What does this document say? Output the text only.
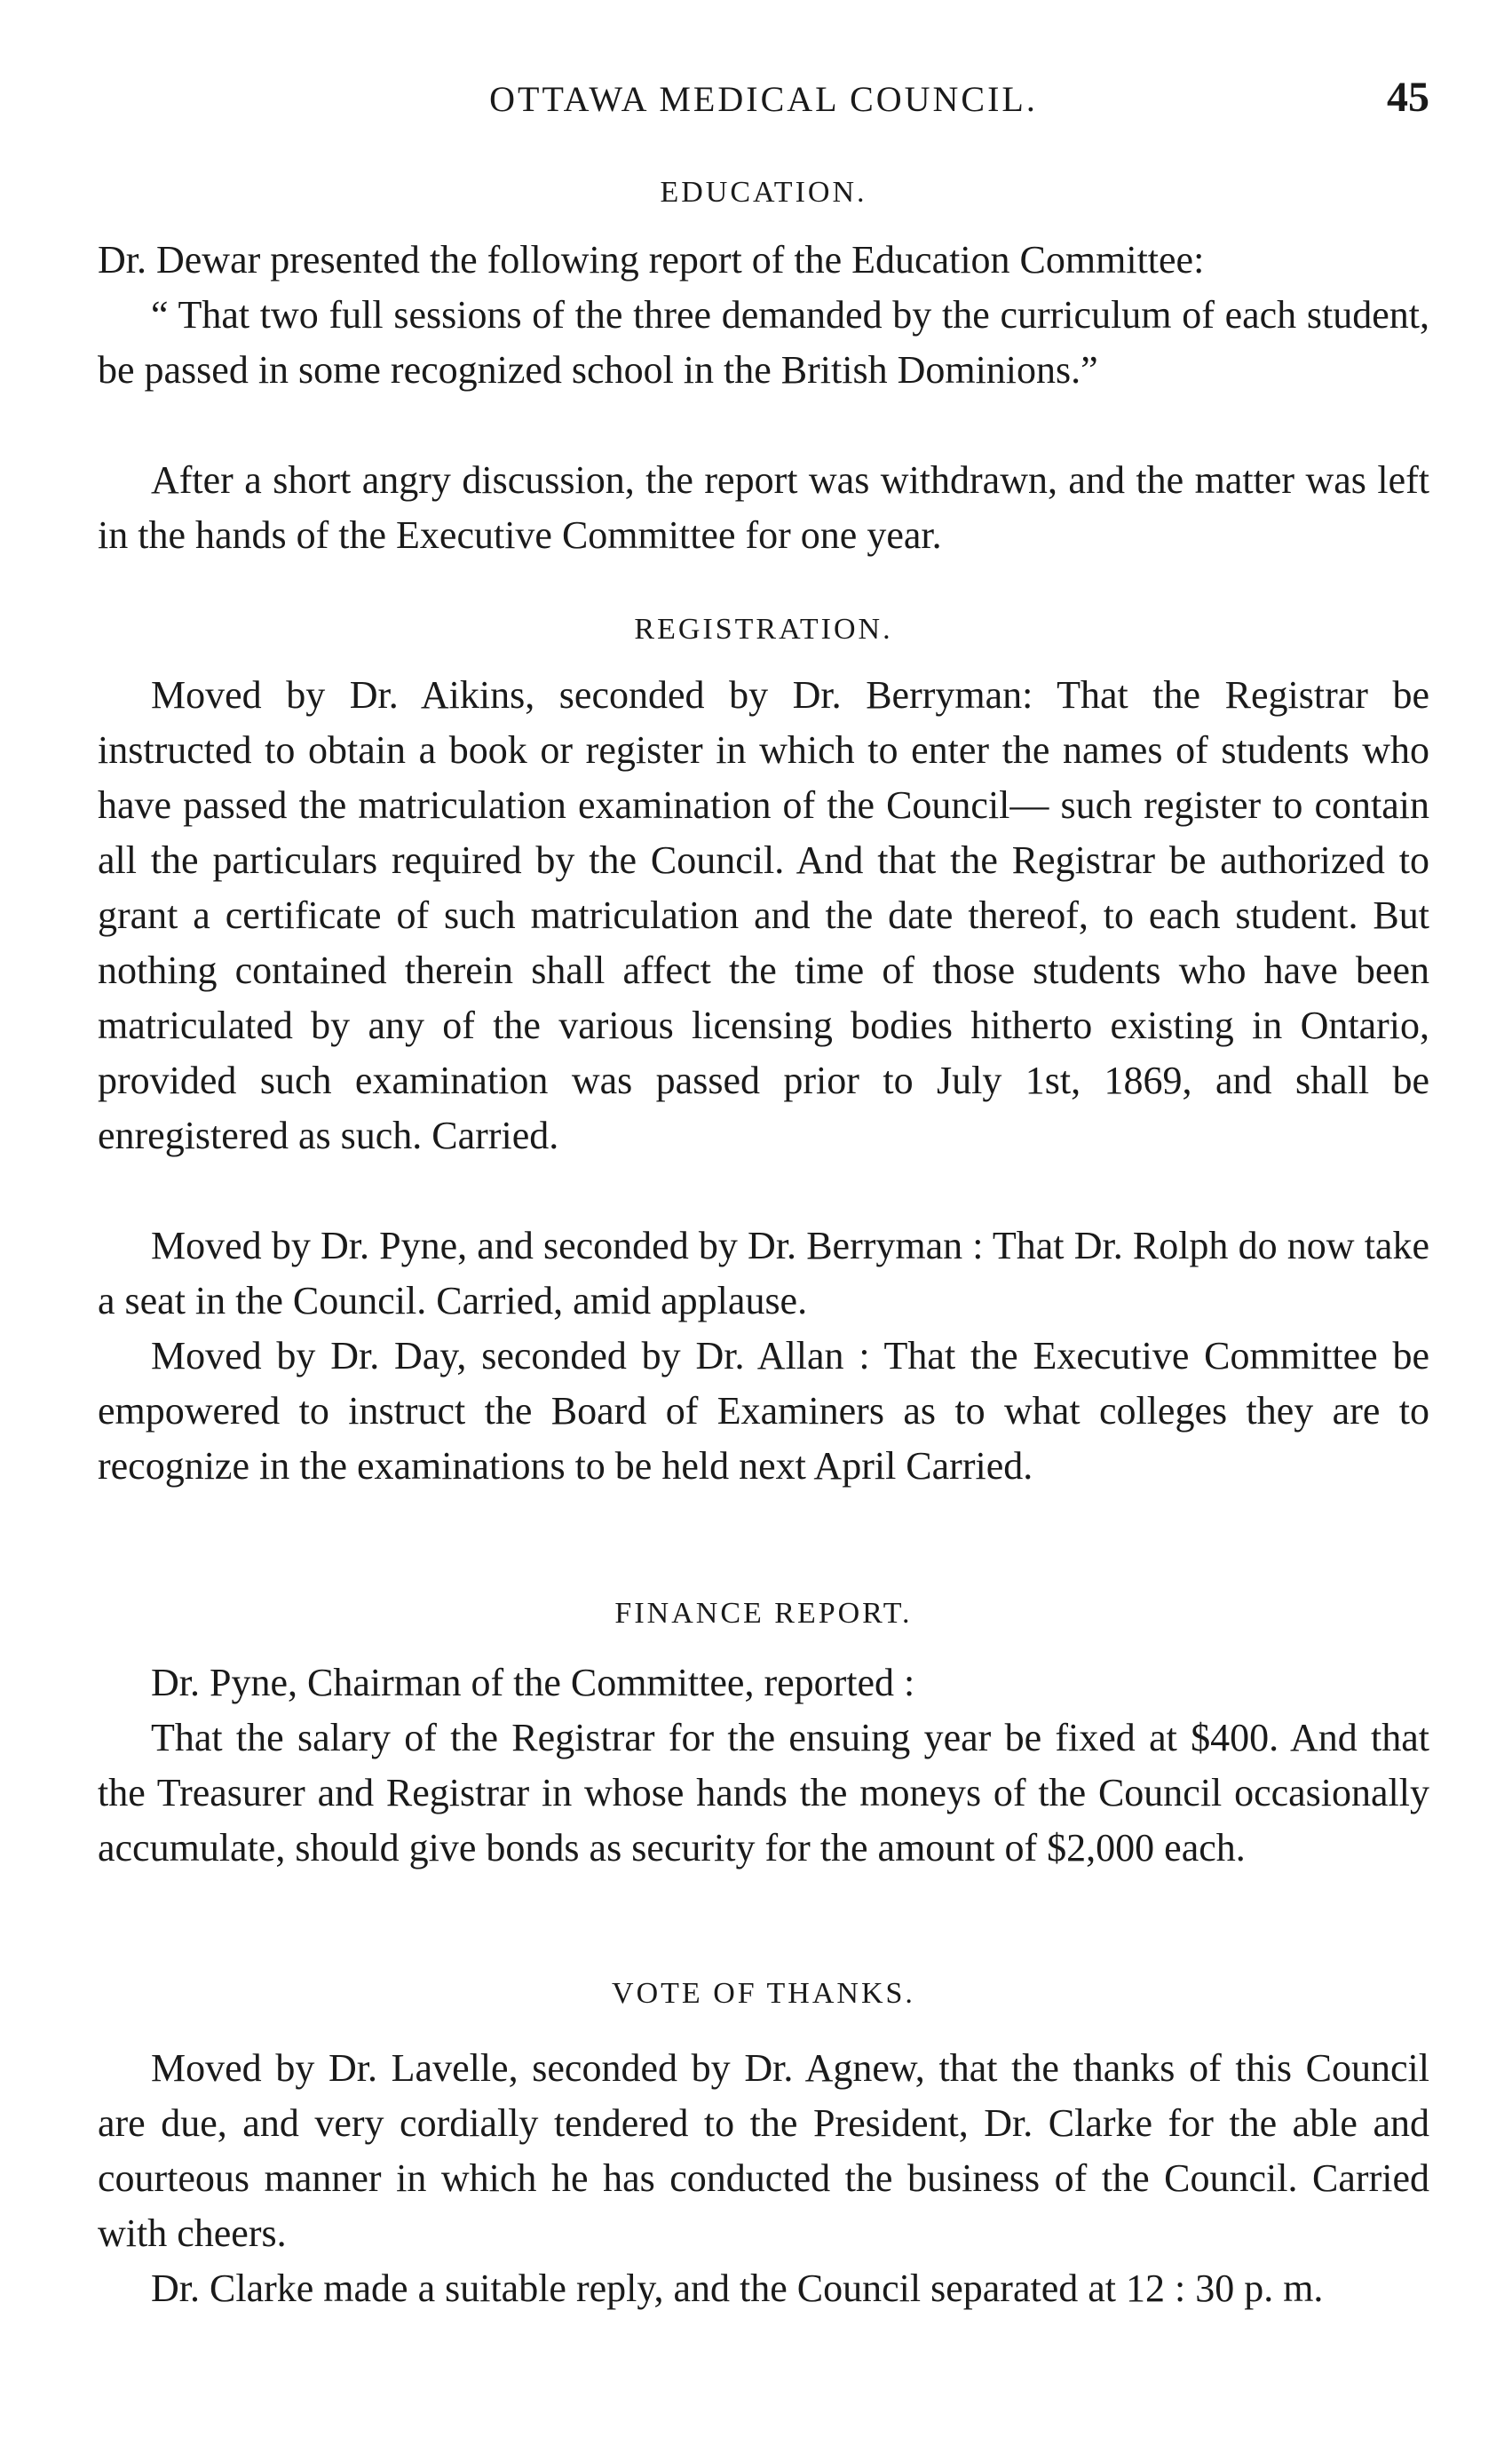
OTTAWA MEDICAL COUNCIL.	45
EDUCATION.

Dr. Dewar presented the following report of the Education Committee:

“ That two full sessions of the three demanded by the curriculum of each student, be passed in some recognized school in the British Dominions.”

After a short angry discussion, the report was withdrawn, and the matter was left in the hands of the Executive Committee for one year.

REGISTRATION.

Moved by Dr. Aikins, seconded by Dr. Berryman: That the Registrar be instructed to obtain a book or register in which to enter the names of students who have passed the matriculation examination of the Council— such register to contain all the particulars required by the Council. And that the Registrar be authorized to grant a certificate of such matriculation and the date thereof, to each student. But nothing contained therein shall affect the time of those students who have been matriculated by any of the various licensing bodies hitherto existing in Ontario, provided such examination was passed prior to July 1st, 1869, and shall be enregistered as such. Carried.

Moved by Dr. Pyne, and seconded by Dr. Berryman : That Dr. Rolph do now take a seat in the Council. Carried, amid applause.

Moved by Dr. Day, seconded by Dr. Allan : That the Executive Committee be empowered to instruct the Board of Examiners as to what colleges they are to recognize in the examinations to be held next April Carried.

FINANCE REPORT.

Dr. Pyne, Chairman of the Committee, reported :

That the salary of the Registrar for the ensuing year be fixed at $400. And that the Treasurer and Registrar in whose hands the moneys of the Council occasionally accumulate, should give bonds as security for the amount of $2,000 each.

VOTE OF THANKS.

Moved by Dr. Lavelle, seconded by Dr. Agnew, that the thanks of this Council are due, and very cordially tendered to the President, Dr. Clarke for the able and courteous manner in which he has conducted the business of the Council. Carried with cheers.

Dr. Clarke made a suitable reply, and the Council separated at 12 : 30 p. m.
